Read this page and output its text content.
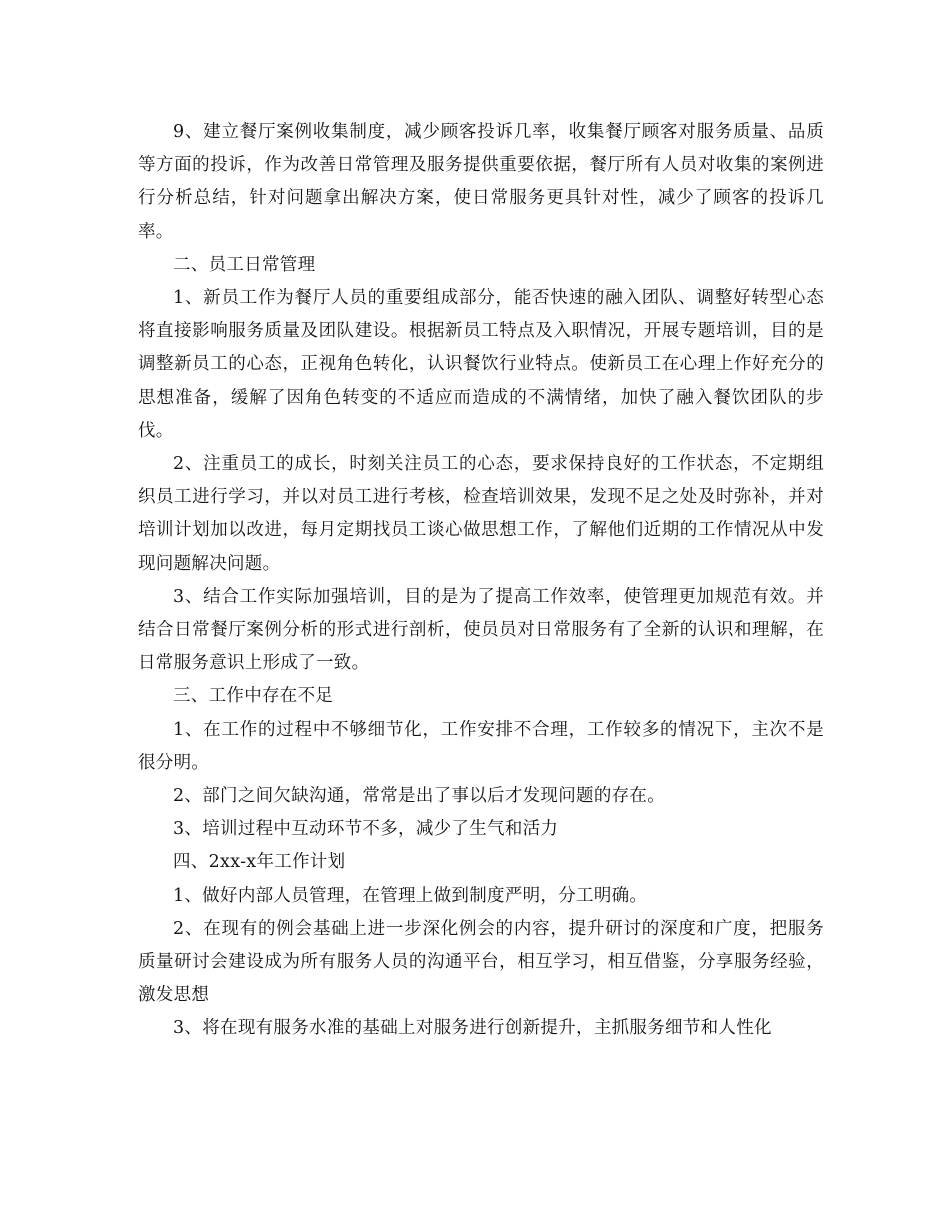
9、建立餐厅案例收集制度，减少顾客投诉几率，收集餐厅顾客对服务质量、品质等方面的投诉，作为改善日常管理及服务提供重要依据，餐厅所有人员对收集的案例进行分析总结，针对问题拿出解决方案，使日常服务更具针对性，减少了顾客的投诉几率。

二、员工日常管理

1、新员工作为餐厅人员的重要组成部分，能否快速的融入团队、调整好转型心态将直接影响服务质量及团队建设。根据新员工特点及入职情况，开展专题培训，目的是调整新员工的心态，正视角色转化，认识餐饮行业特点。使新员工在心理上作好充分的思想准备，缓解了因角色转变的不适应而造成的不满情绪，加快了融入餐饮团队的步伐。

2、注重员工的成长，时刻关注员工的心态，要求保持良好的工作状态，不定期组织员工进行学习，并以对员工进行考核，检查培训效果，发现不足之处及时弥补，并对培训计划加以改进，每月定期找员工谈心做思想工作，了解他们近期的工作情况从中发现问题解决问题。

3、结合工作实际加强培训，目的是为了提高工作效率，使管理更加规范有效。并结合日常餐厅案例分析的形式进行剖析，使员员对日常服务有了全新的认识和理解，在日常服务意识上形成了一致。

三、工作中存在不足

1、在工作的过程中不够细节化，工作安排不合理，工作较多的情况下，主次不是很分明。

2、部门之间欠缺沟通，常常是出了事以后才发现问题的存在。

3、培训过程中互动环节不多，减少了生气和活力

四、2xx-x年工作计划

1、做好内部人员管理，在管理上做到制度严明，分工明确。

2、在现有的例会基础上进一步深化例会的内容，提升研讨的深度和广度，把服务质量研讨会建设成为所有服务人员的沟通平台，相互学习，相互借鉴，分享服务经验，激发思想

3、将在现有服务水准的基础上对服务进行创新提升，主抓服务细节和人性化
